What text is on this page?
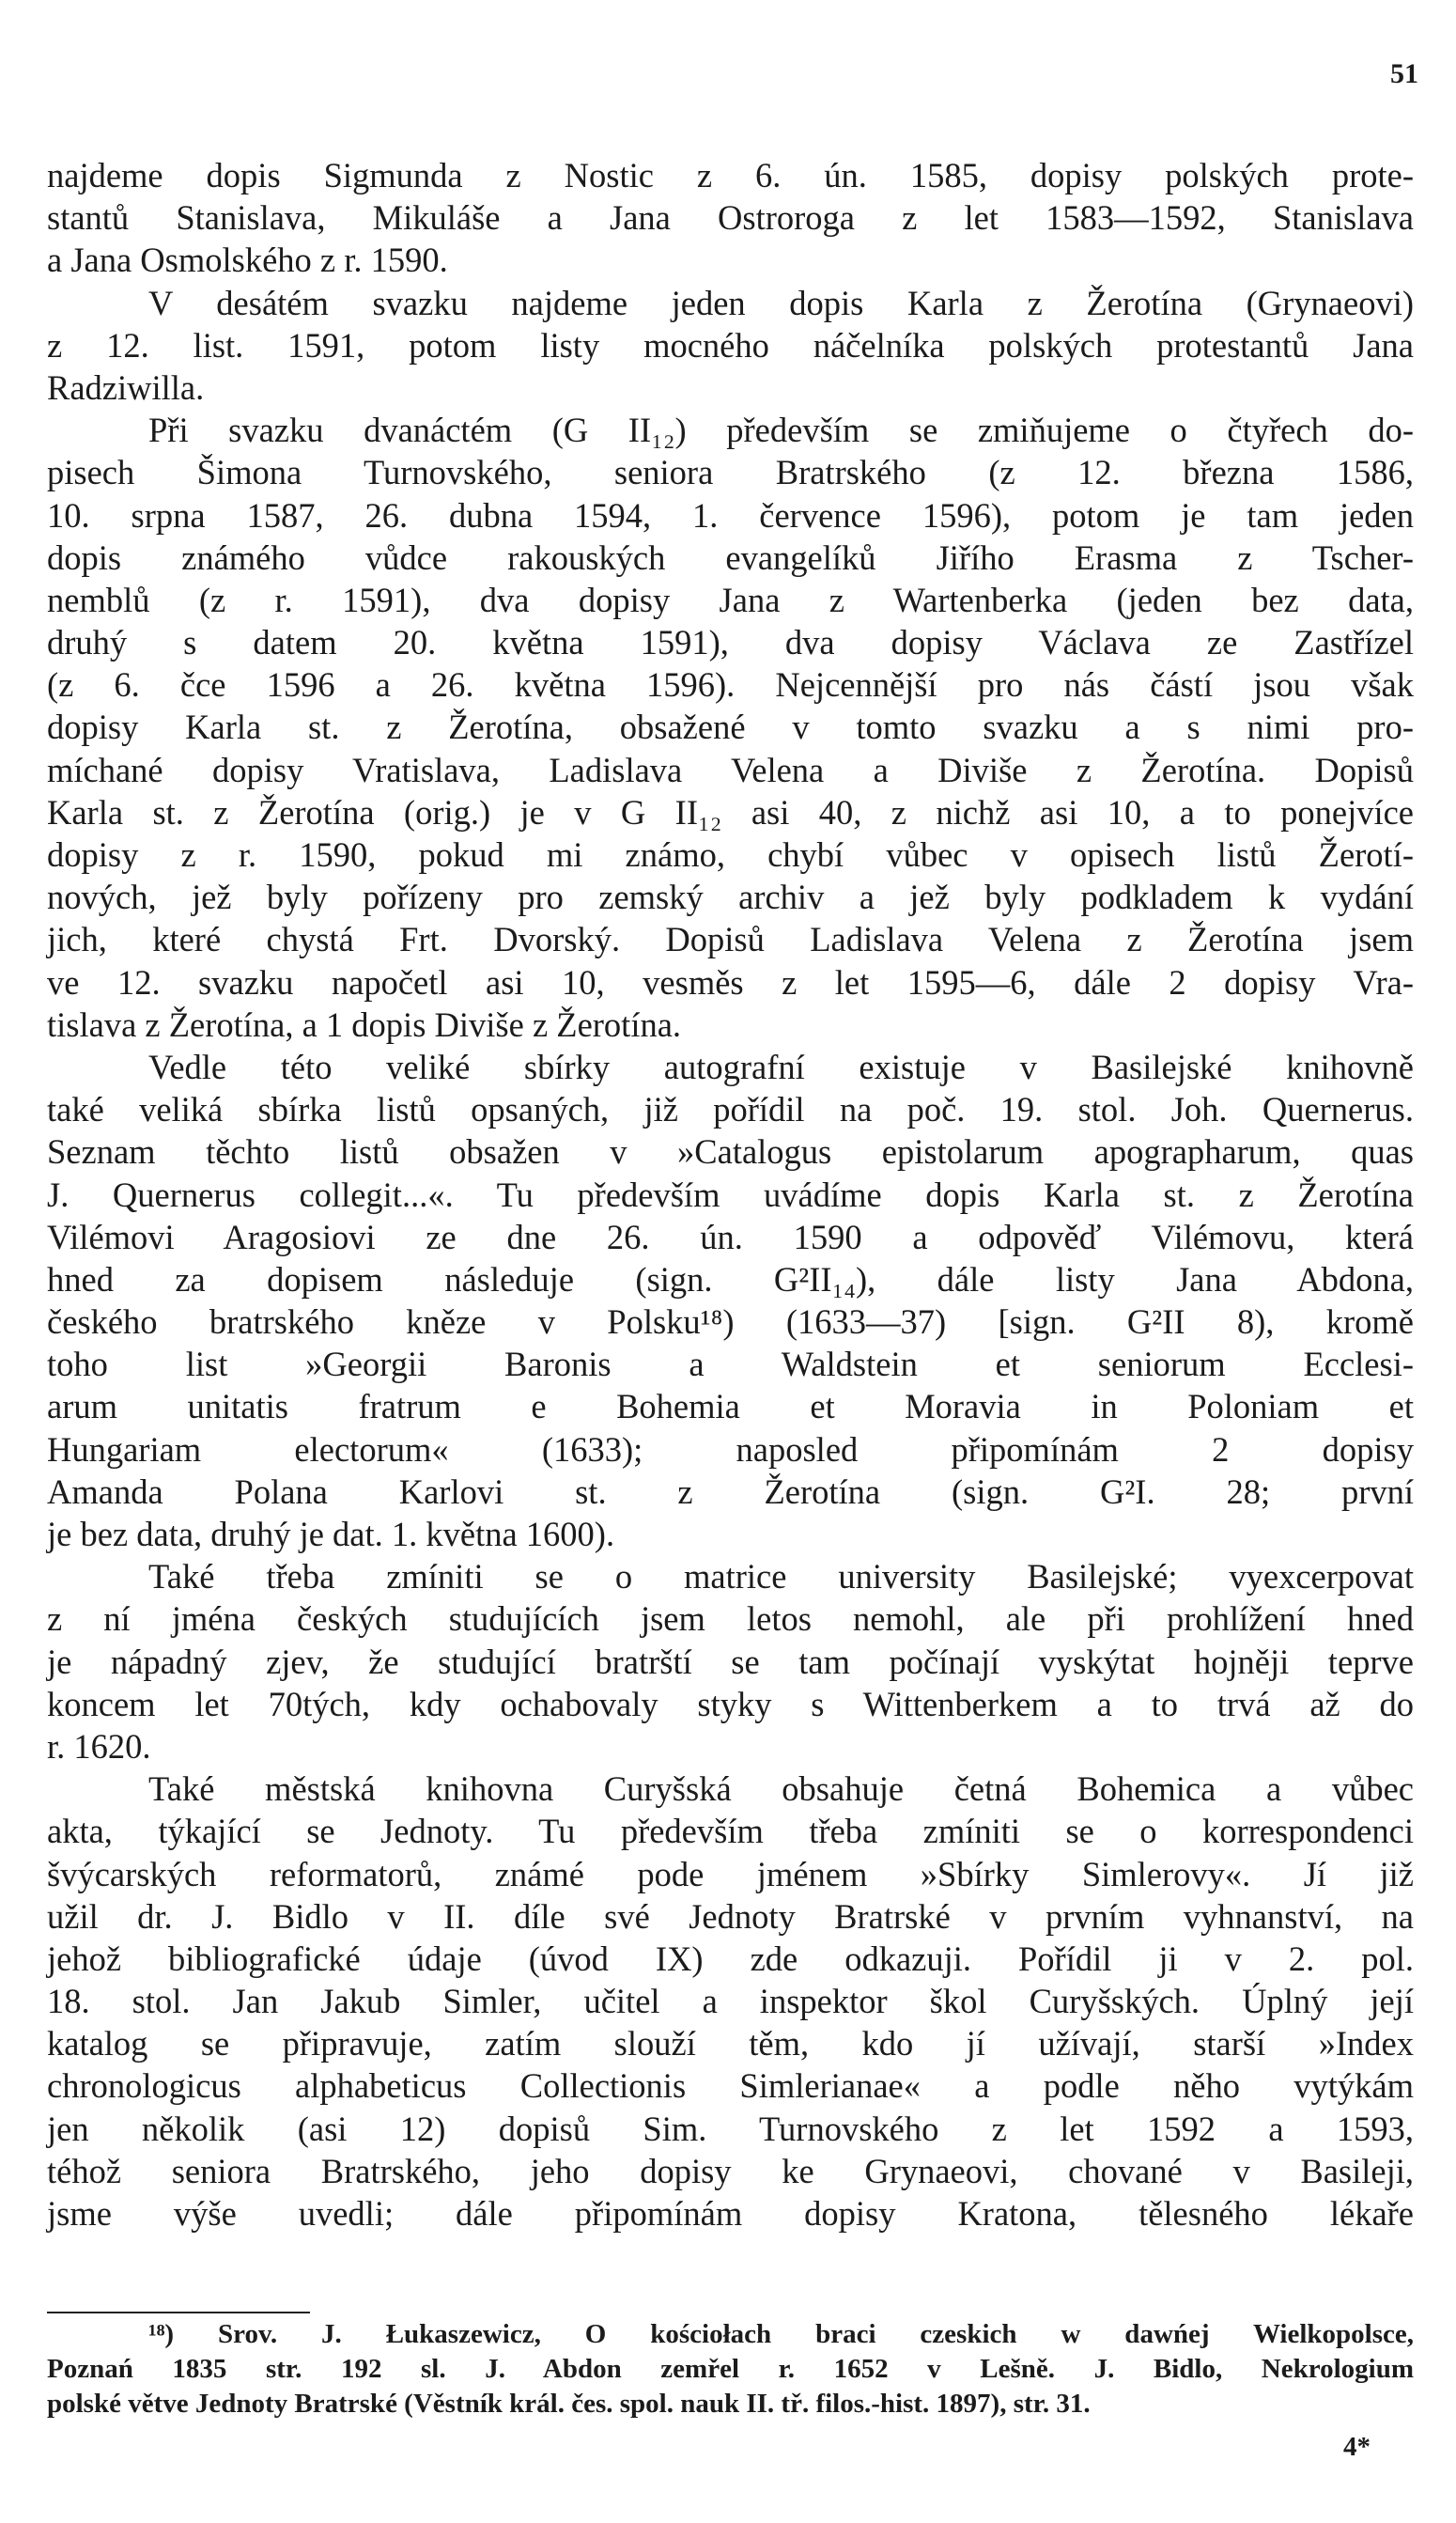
51
najdeme dopis Sigmunda z Nostic z 6. ún. 1585, dopisy polských prote-
stantů Stanislava, Mikuláše a Jana Ostroroga z let 1583—1592, Stanislava
a Jana Osmolského z r. 1590.
V desátém svazku najdeme jeden dopis Karla z Žerotína (Grynaeovi)
z 12. list. 1591, potom listy mocného náčelníka polských protestantů Jana
Radziwilla.
Při svazku dvanáctém (G II₁₂) především se zmiňujeme o čtyřech do-
pisech Šimona Turnovského, seniora Bratrského (z 12. března 1586,
10. srpna 1587, 26. dubna 1594, 1. července 1596), potom je tam jeden
dopis známého vůdce rakouských evangelíků Jiřího Erasma z Tscher-
nemblů (z r. 1591), dva dopisy Jana z Wartenberka (jeden bez data,
druhý s datem 20. května 1591), dva dopisy Václava ze Zastřízel
(z 6. čce 1596 a 26. května 1596). Nejcennější pro nás částí jsou však
dopisy Karla st. z Žerotína, obsažené v tomto svazku a s nimi pro-
míchané dopisy Vratislava, Ladislava Velena a Diviše z Žerotína. Dopisů
Karla st. z Žerotína (orig.) je v G II₁₂ asi 40, z nichž asi 10, a to ponejvíce
dopisy z r. 1590, pokud mi známo, chybí vůbec v opisech listů Žerotí-
nových, jež byly pořízeny pro zemský archiv a jež byly podkladem k vydání
jich, které chystá Frt. Dvorský. Dopisů Ladislava Velena z Žerotína jsem
ve 12. svazku napočetl asi 10, vesměs z let 1595—6, dále 2 dopisy Vra-
tislava z Žerotína, a 1 dopis Diviše z Žerotína.
Vedle této veliké sbírky autografní existuje v Basilejské knihovně
také veliká sbírka listů opsaných, již pořídil na poč. 19. stol. Joh. Quernerus.
Seznam těchto listů obsažen v »Catalogus epistolarum apographarum, quas
J. Quernerus collegit...«. Tu především uvádíme dopis Karla st. z Žerotína
Vilémovi Aragosiovi ze dne 26. ún. 1590 a odpověď Vilémovu, která
hned za dopisem následuje (sign. G²II₁₄), dále listy Jana Abdona,
českého bratrského kněze v Polsku¹⁸) (1633—37) [sign. G²II 8), kromě
toho list »Georgii Baronis a Waldstein et seniorum Ecclesi-
arum unitatis fratrum e Bohemia et Moravia in Poloniam et
Hungariam electorum« (1633); naposled připomínám 2 dopisy
Amanda Polana Karlovi st. z Žerotína (sign. G²I. 28; první
je bez data, druhý je dat. 1. května 1600).
Také třeba zmíniti se o matrice university Basilejské; vyexcerpovat
z ní jména českých studujících jsem letos nemohl, ale při prohlížení hned
je nápadný zjev, že studující bratrští se tam počínají vyskýtat hojněji teprve
koncem let 70tých, kdy ochabovaly styky s Wittenberkem a to trvá až do
r. 1620.
Také městská knihovna Curyšská obsahuje četná Bohemica a vůbec
akta, týkající se Jednoty. Tu především třeba zmíniti se o korrespondenci
švýcarských reformatorů, známé pode jménem »Sbírky Simlerovy«. Jí již
užil dr. J. Bidlo v II. díle své Jednoty Bratrské v prvním vyhnanství, na
jehož bibliografické údaje (úvod IX) zde odkazuji. Pořídil ji v 2. pol.
18. stol. Jan Jakub Simler, učitel a inspektor škol Curyšských. Úplný její
katalog se připravuje, zatím slouží těm, kdo jí užívají, starší »Index
chronologicus alphabeticus Collectionis Simlerianae« a podle něho vytýkám
jen několik (asi 12) dopisů Sim. Turnovského z let 1592 a 1593,
téhož seniora Bratrského, jeho dopisy ke Grynaeovi, chované v Basileji,
jsme výše uvedli; dále připomínám dopisy Kratona, tělesného lékaře
¹⁸) Srov. J. Łukaszewicz, O kościołach braci czeskich w dawńej Wielkopolsce,
Poznań 1835 str. 192 sl. J. Abdon zemřel r. 1652 v Lešně. J. Bidlo, Nekrologium
polské větve Jednoty Bratrské (Věstník král. čes. spol. nauk II. tř. filos.-hist. 1897), str. 31.
4*
